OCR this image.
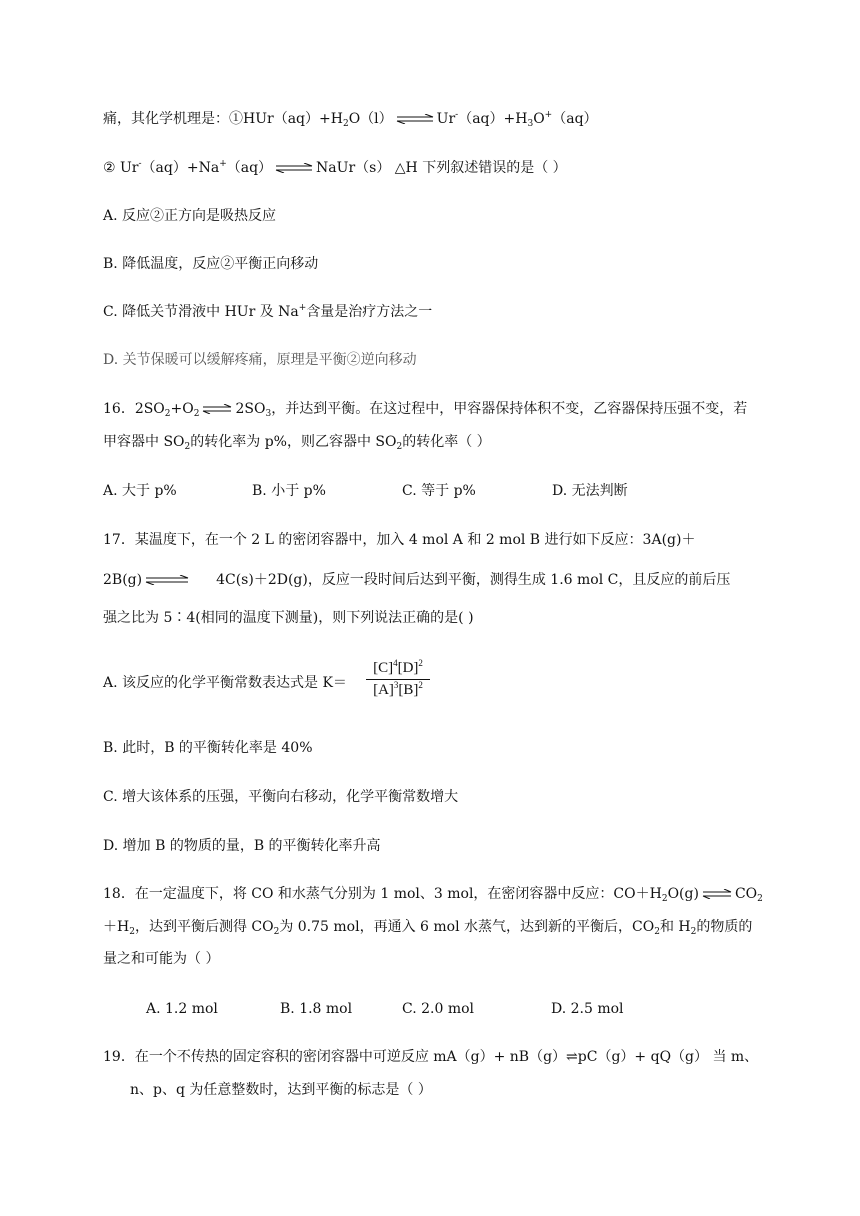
痛，其化学机理是：$①HUr(aq)+H_2O(l)$ ⇌ $Ur^-(aq)+H_3O^+(aq)$
② Ur-（aq）+Na+（aq） ⇌ NaUr（s） △H 下列叙述错误的是（ ）
A. 反应②正方向是吸热反应
B. 降低温度，反应②平衡正向移动
C. 降低关节滑液中 HUr 及 Na+含量是治疗方法之一
D. 关节保暖可以缓解疼痛，原理是平衡②逆向移动
16．$2SO_2+O_2$ ⇌ $2SO_3$，并达到平衡。在这过程中，甲容器保持体积不变，乙容器保持压强不变，若
甲容器中 $SO_2$的转化率为 p%，则乙容器中 $SO_2$的转化率（ ）
A. 大于 p%	B. 小于 p%	C. 等于 p%	D. 无法判断
17．某温度下，在一个 2 L 的密闭容器中，加入 4 mol A 和 2 mol B 进行如下反应：3A(g)＋
2B(g) ⇌ 4C(s)＋2D(g)，反应一段时间后达到平衡，测得生成 1.6 mol C，且反应的前后压
强之比为 5∶4(相同的温度下测量)，则下列说法正确的是( )
A. 该反应的化学平衡常数表达式是 $K= \frac{[C]^4[D]^2}{[A]^3[B]^2}$
B. 此时，B 的平衡转化率是 40%
C. 增大该体系的压强，平衡向右移动，化学平衡常数增大
D. 增加 B 的物质的量，B 的平衡转化率升高
18．在一定温度下，将 CO 和水蒸气分别为 1 mol、3 mol，在密闭容器中反应：$CO+H_2O(g)$ ⇌ $CO_2$
$+H_2$，达到平衡后测得 $CO_2$为 0.75 mol，再通入 6 mol 水蒸气，达到新的平衡后，$CO_2$和 $H_2$的物质的
量之和可能为（ ）
A. 1.2 mol	B. 1.8 mol	C. 2.0 mol	D. 2.5 mol
19．在一个不传热的固定容积的密闭容器中可逆反应 mA（g）+ nB（g）⇌pC（g）+ qQ（g） 当 m、
n、p、q 为任意整数时，达到平衡的标志是（ ）
